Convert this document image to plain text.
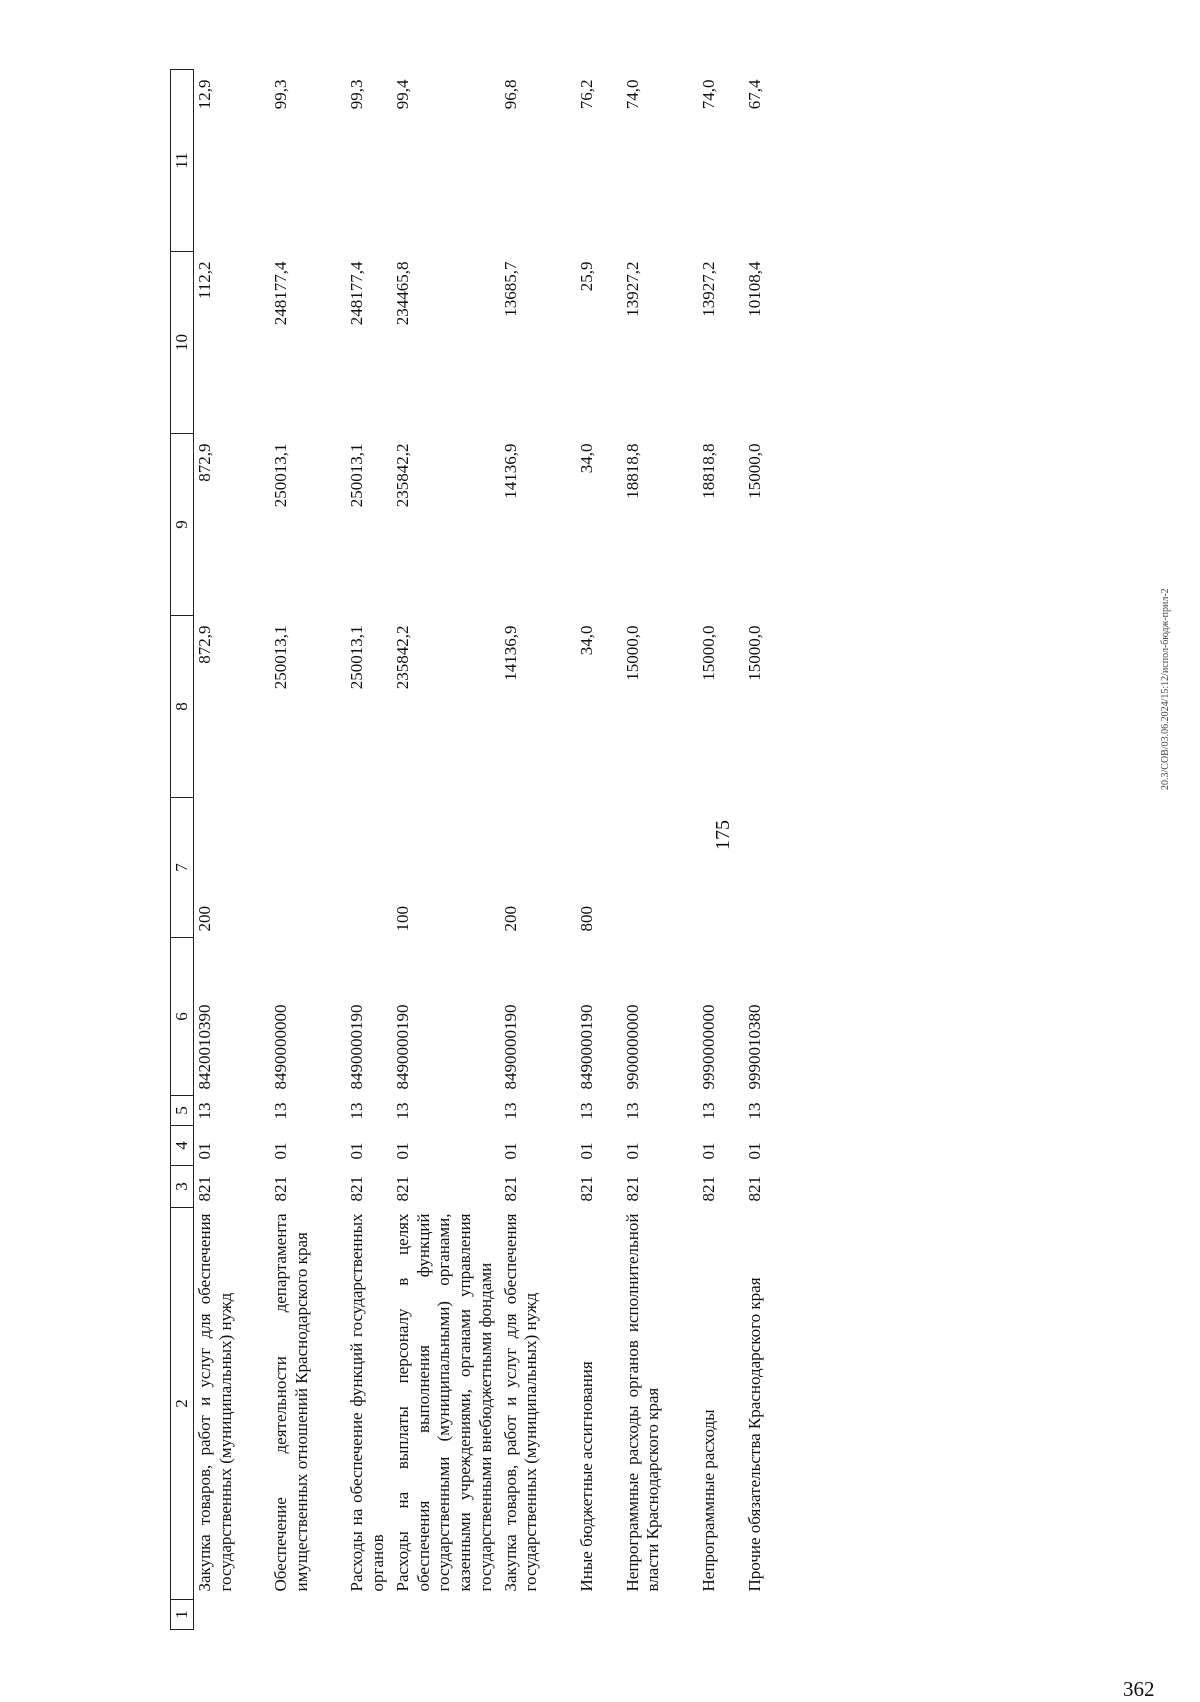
175
20.3/СОВ/03.06.2024/15:12/испол-бюдж-прил-2
362
1	2	3	4	5	6	7	8	9	10	11
	Закупка товаров, работ и услуг для обеспечения государственных (муниципальных) нужд	821	01	13	8420010390	200	872,9	872,9	112,2	12,9
	Обеспечение деятельности департамента имущественных отношений Краснодарского края	821	01	13	8490000000		250013,1	250013,1	248177,4	99,3
	Расходы на обеспечение функций государственных органов	821	01	13	8490000190		250013,1	250013,1	248177,4	99,3
	Расходы на выплаты персоналу в целях обеспечения выполнения функций государственными (муниципальными) органами, казенными учреждениями, органами управления государственными внебюджетными фондами	821	01	13	8490000190	100	235842,2	235842,2	234465,8	99,4
	Закупка товаров, работ и услуг для обеспечения государственных (муниципальных) нужд	821	01	13	8490000190	200	14136,9	14136,9	13685,7	96,8
	Иные бюджетные ассигнования	821	01	13	8490000190	800	34,0	34,0	25,9	76,2
	Непрограммные расходы органов исполнительной власти Краснодарского края	821	01	13	9900000000		15000,0	18818,8	13927,2	74,0
	Непрограммные расходы	821	01	13	9990000000		15000,0	18818,8	13927,2	74,0
	Прочие обязательства Краснодарского края	821	01	13	9990010380		15000,0	15000,0	10108,4	67,4
